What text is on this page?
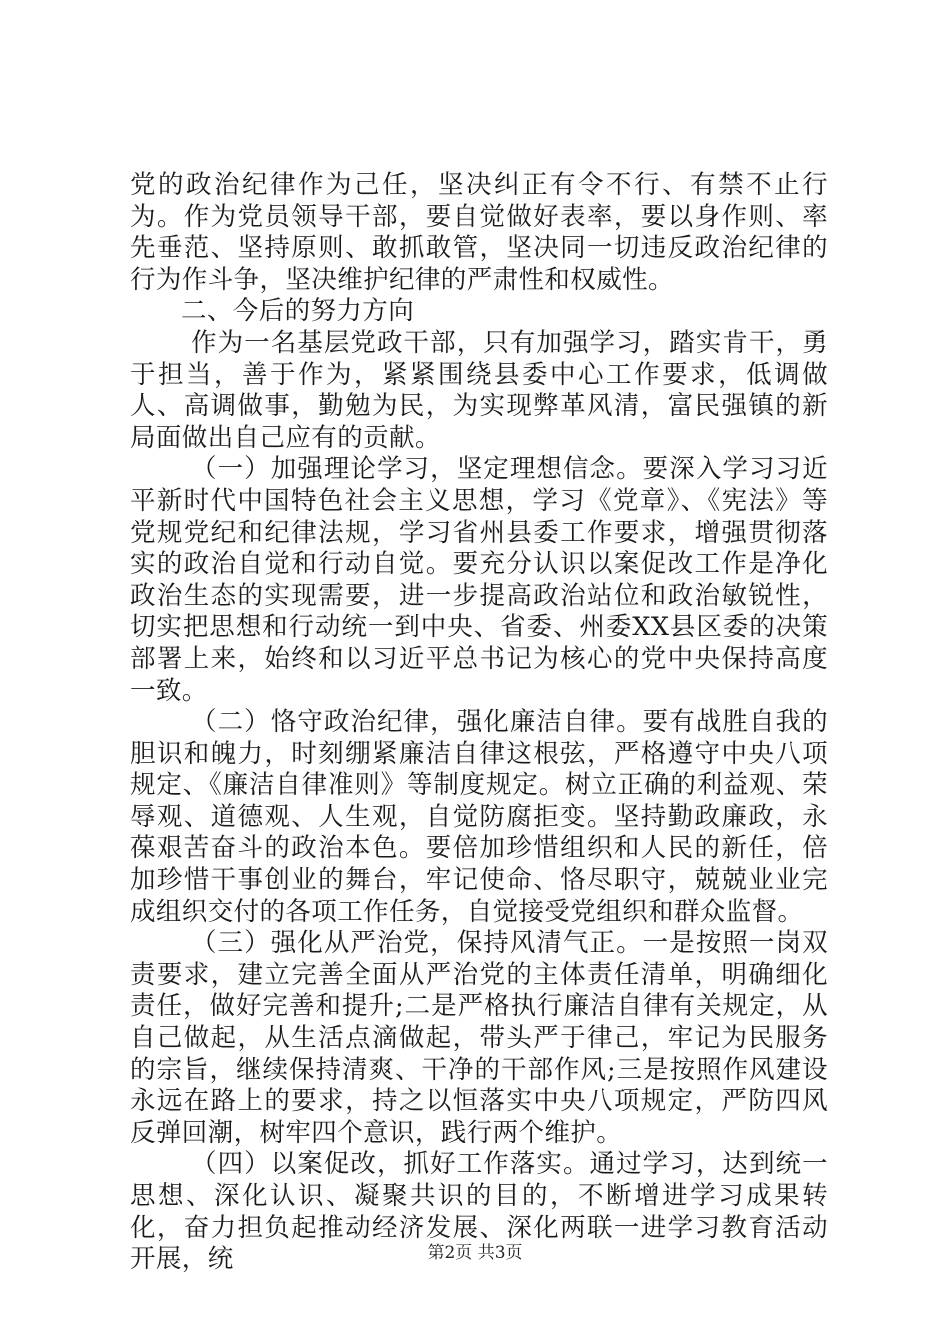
党的政治纪律作为己任，坚决纠正有令不行、有禁不止行为。作为党员领导干部，要自觉做好表率，要以身作则、率先垂范、坚持原则、敢抓敢管，坚决同一切违反政治纪律的行为作斗争，坚决维护纪律的严肃性和权威性。

二、今后的努力方向

作为一名基层党政干部，只有加强学习，踏实肯干，勇于担当，善于作为，紧紧围绕县委中心工作要求，低调做人、高调做事，勤勉为民，为实现弊革风清，富民强镇的新局面做出自己应有的贡献。

（一）加强理论学习，坚定理想信念。要深入学习习近平新时代中国特色社会主义思想，学习《党章》、《宪法》等党规党纪和纪律法规，学习省州县委工作要求，增强贯彻落实的政治自觉和行动自觉。要充分认识以案促改工作是净化政治生态的实现需要，进一步提高政治站位和政治敏锐性，切实把思想和行动统一到中央、省委、州委XX县区委的决策部署上来，始终和以习近平总书记为核心的党中央保持高度一致。

（二）恪守政治纪律，强化廉洁自律。要有战胜自我的胆识和魄力，时刻绷紧廉洁自律这根弦，严格遵守中央八项规定、《廉洁自律准则》等制度规定。树立正确的利益观、荣辱观、道德观、人生观，自觉防腐拒变。坚持勤政廉政，永葆艰苦奋斗的政治本色。要倍加珍惜组织和人民的新任，倍加珍惜干事创业的舞台，牢记使命、恪尽职守，兢兢业业完成组织交付的各项工作任务，自觉接受党组织和群众监督。

（三）强化从严治党，保持风清气正。一是按照一岗双责要求，建立完善全面从严治党的主体责任清单，明确细化责任，做好完善和提升;二是严格执行廉洁自律有关规定，从自己做起，从生活点滴做起，带头严于律己，牢记为民服务的宗旨，继续保持清爽、干净的干部作风;三是按照作风建设永远在路上的要求，持之以恒落实中央八项规定，严防四风反弹回潮，树牢四个意识，践行两个维护。

（四）以案促改，抓好工作落实。通过学习，达到统一思想、深化认识、凝聚共识的目的，不断增进学习成果转化，奋力担负起推动经济发展、深化两联一进学习教育活动开展，统	第2页 共3页
